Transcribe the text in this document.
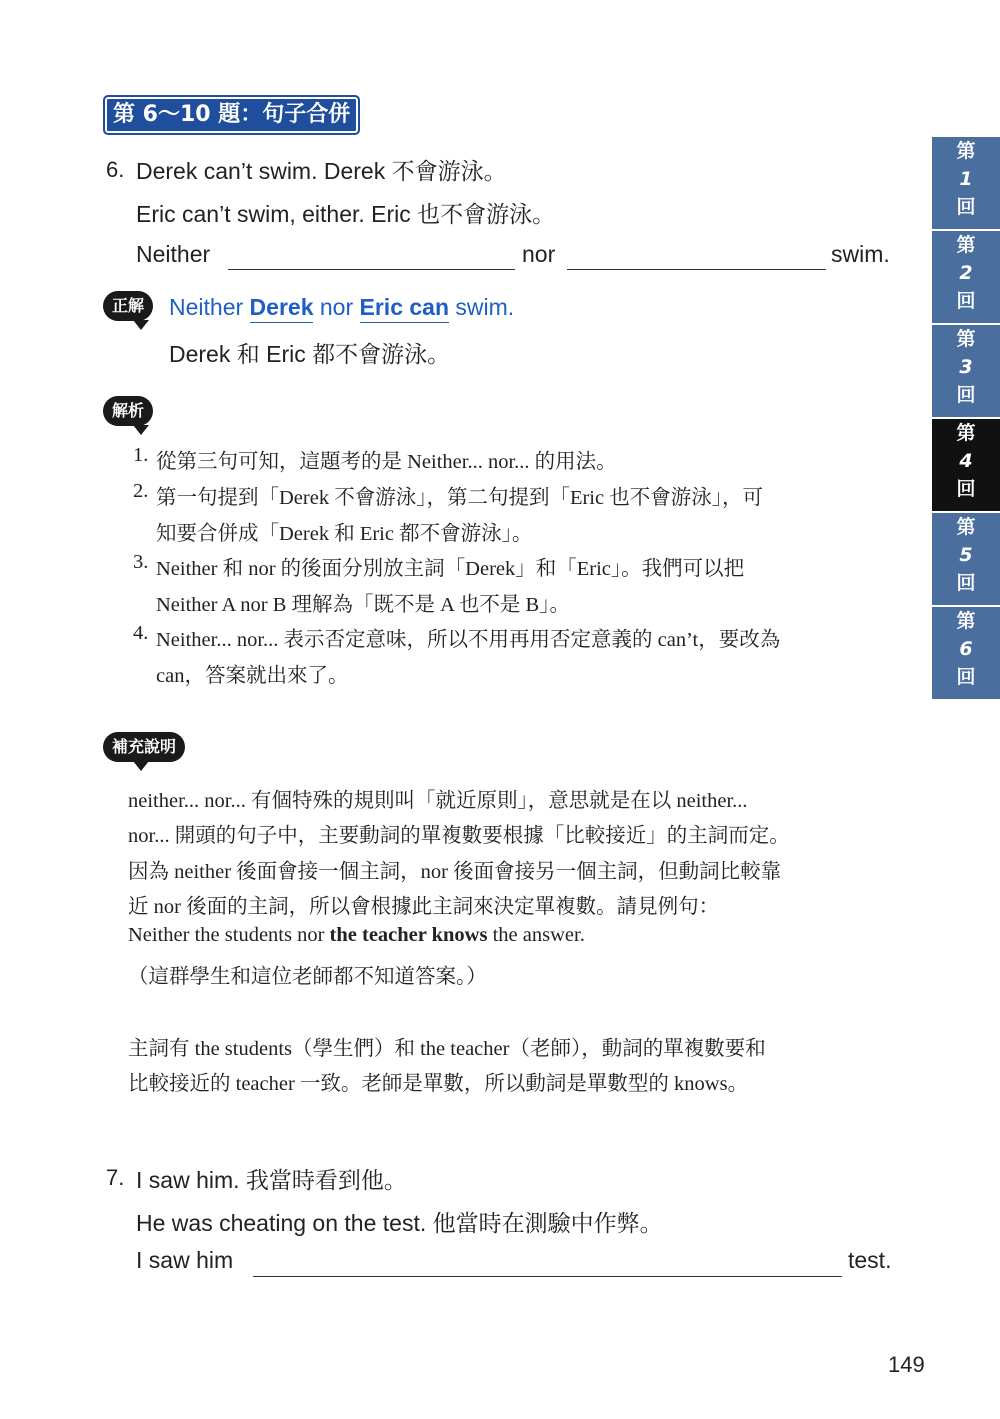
第 6～10 題：句子合併
6. Derek can’t swim. Derek 不會游泳。
Eric can’t swim, either. Eric 也不會游泳。
Neither	nor	swim.
正解	Neither Derek nor Eric can swim.
Derek 和 Eric 都不會游泳。
解析
1. 從第三句可知，這題考的是 Neither... nor... 的用法。
2. 第一句提到「Derek 不會游泳」，第二句提到「Eric 也不會游泳」，可
知要合併成「Derek 和 Eric 都不會游泳」。
3. Neither 和 nor 的後面分別放主詞「Derek」和「Eric」。我們可以把
Neither A nor B 理解為「既不是 A 也不是 B」。
4. Neither... nor... 表示否定意味，所以不用再用否定意義的 can’t，要改為
can，答案就出來了。
補充說明
neither... nor... 有個特殊的規則叫「就近原則」，意思就是在以 neither...
nor... 開頭的句子中，主要動詞的單複數要根據「比較接近」的主詞而定。
因為 neither 後面會接一個主詞，nor 後面會接另一個主詞，但動詞比較靠
近 nor 後面的主詞，所以會根據此主詞來決定單複數。請見例句：
Neither the students nor the teacher knows the answer.
（這群學生和這位老師都不知道答案。）
主詞有 the students（學生們）和 the teacher（老師），動詞的單複數要和
比較接近的 teacher 一致。老師是單數，所以動詞是單數型的 knows。
7. I saw him. 我當時看到他。
He was cheating on the test. 他當時在測驗中作弊。
I saw him	test.
第
1
回
第
2
回
第
3
回
第
4
回
第
5
回
第
6
回
149
